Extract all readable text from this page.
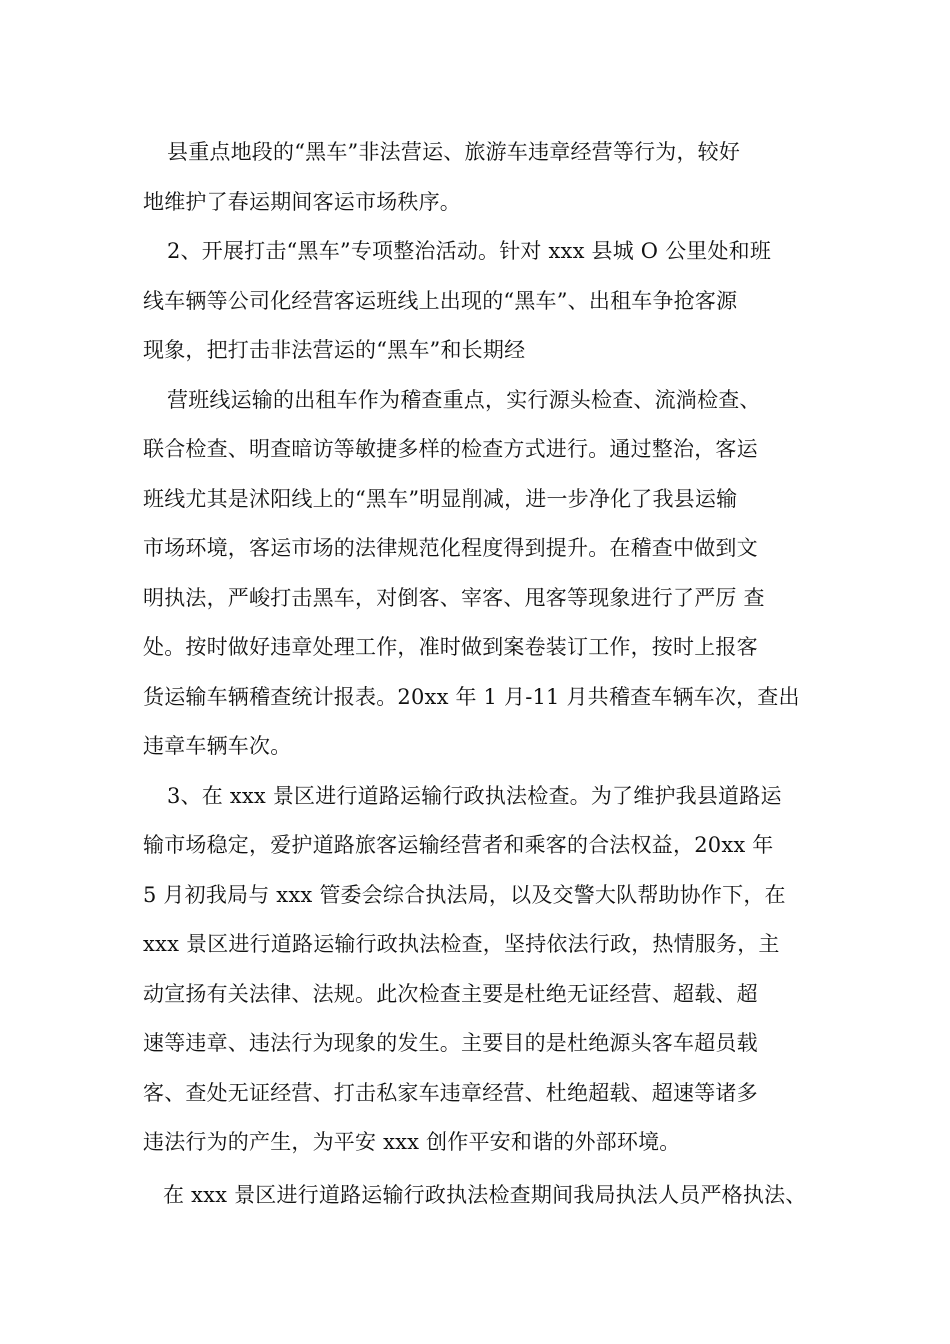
县重点地段的“黑车”非法营运、旅游车违章经营等行为，较好
地维护了春运期间客运市场秩序。
2、开展打击“黑车”专项整治活动。针对 xxx 县城 O 公里处和班
线车辆等公司化经营客运班线上出现的“黑车”、出租车争抢客源
现象，把打击非法营运的“黑车”和长期经
营班线运输的出租车作为稽查重点，实行源头检查、流淌检查、
联合检查、明查暗访等敏捷多样的检查方式进行。通过整治，客运
班线尤其是沭阳线上的“黑车”明显削减，进一步净化了我县运输
市场环境，客运市场的法律规范化程度得到提升。在稽查中做到文
明执法，严峻打击黑车，对倒客、宰客、甩客等现象进行了严厉 查
处。按时做好违章处理工作，准时做到案卷装订工作，按时上报客
货运输车辆稽查统计报表。20xx 年 1 月-11 月共稽查车辆车次，查出
违章车辆车次。
3、在 xxx 景区进行道路运输行政执法检查。为了维护我县道路运
输市场稳定，爱护道路旅客运输经营者和乘客的合法权益，20xx 年
5 月初我局与 xxx 管委会综合执法局，以及交警大队帮助协作下，在
xxx 景区进行道路运输行政执法检查，坚持依法行政，热情服务，主
动宣扬有关法律、法规。此次检查主要是杜绝无证经营、超载、超
速等违章、违法行为现象的发生。主要目的是杜绝源头客车超员载
客、查处无证经营、打击私家车违章经营、杜绝超载、超速等诸多
违法行为的产生，为平安 xxx 创作平安和谐的外部环境。
在 xxx 景区进行道路运输行政执法检查期间我局执法人员严格执法、
